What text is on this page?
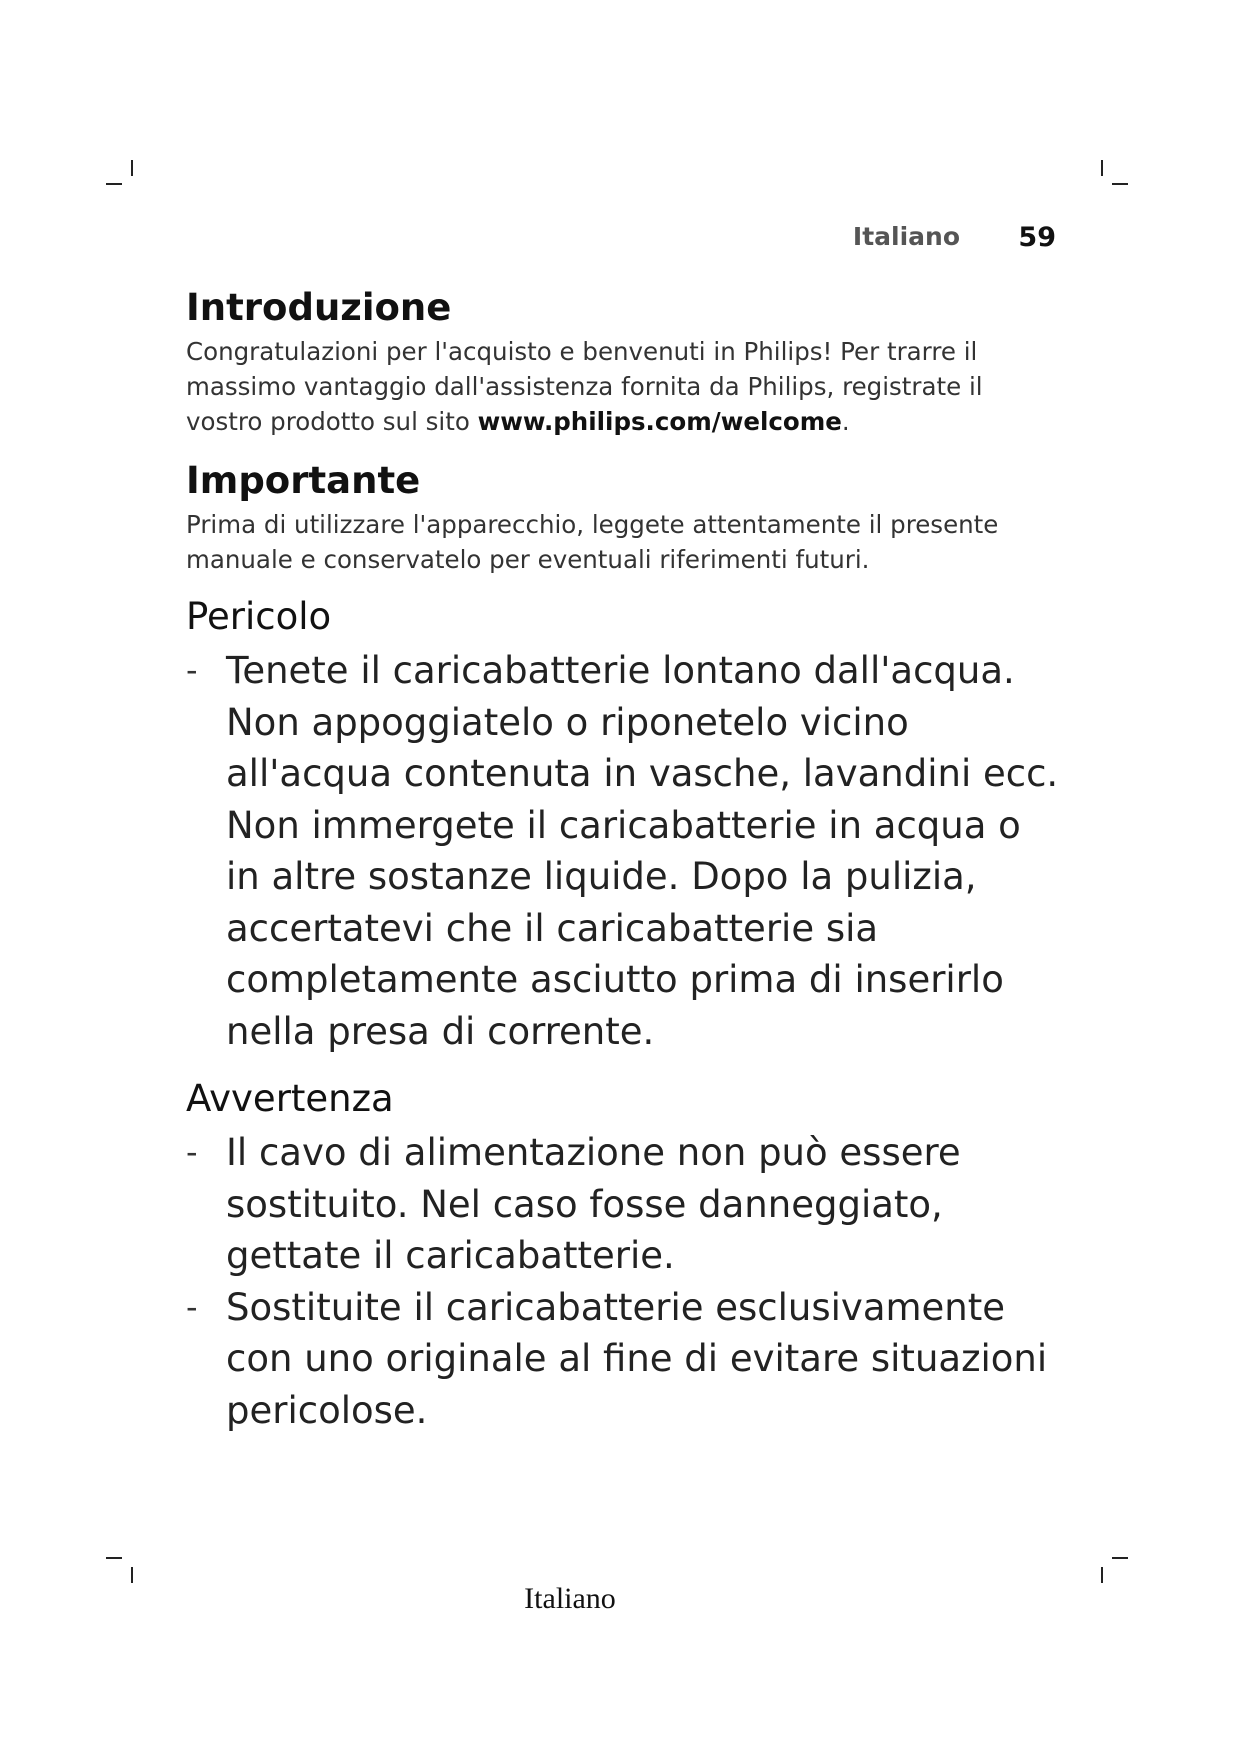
Italiano 59
Introduzione

Congratulazioni per l'acquisto e benvenuti in Philips! Per trarre il massimo vantaggio dall'assistenza fornita da Philips, registrate il vostro prodotto sul sito www.philips.com/welcome.

Importante

Prima di utilizzare l'apparecchio, leggete attentamente il presente manuale e conservatelo per eventuali riferimenti futuri.

Pericolo
- Tenete il caricabatterie lontano dall'acqua. Non appoggiatelo o riponetelo vicino all'acqua contenuta in vasche, lavandini ecc. Non immergete il caricabatterie in acqua o in altre sostanze liquide. Dopo la pulizia, accertatevi che il caricabatterie sia completamente asciutto prima di inserirlo nella presa di corrente.
Avvertenza
- Il cavo di alimentazione non può essere sostituito. Nel caso fosse danneggiato, gettate il caricabatterie.
- Sostituite il caricabatterie esclusivamente con uno originale al fine di evitare situazioni pericolose.
Italiano
